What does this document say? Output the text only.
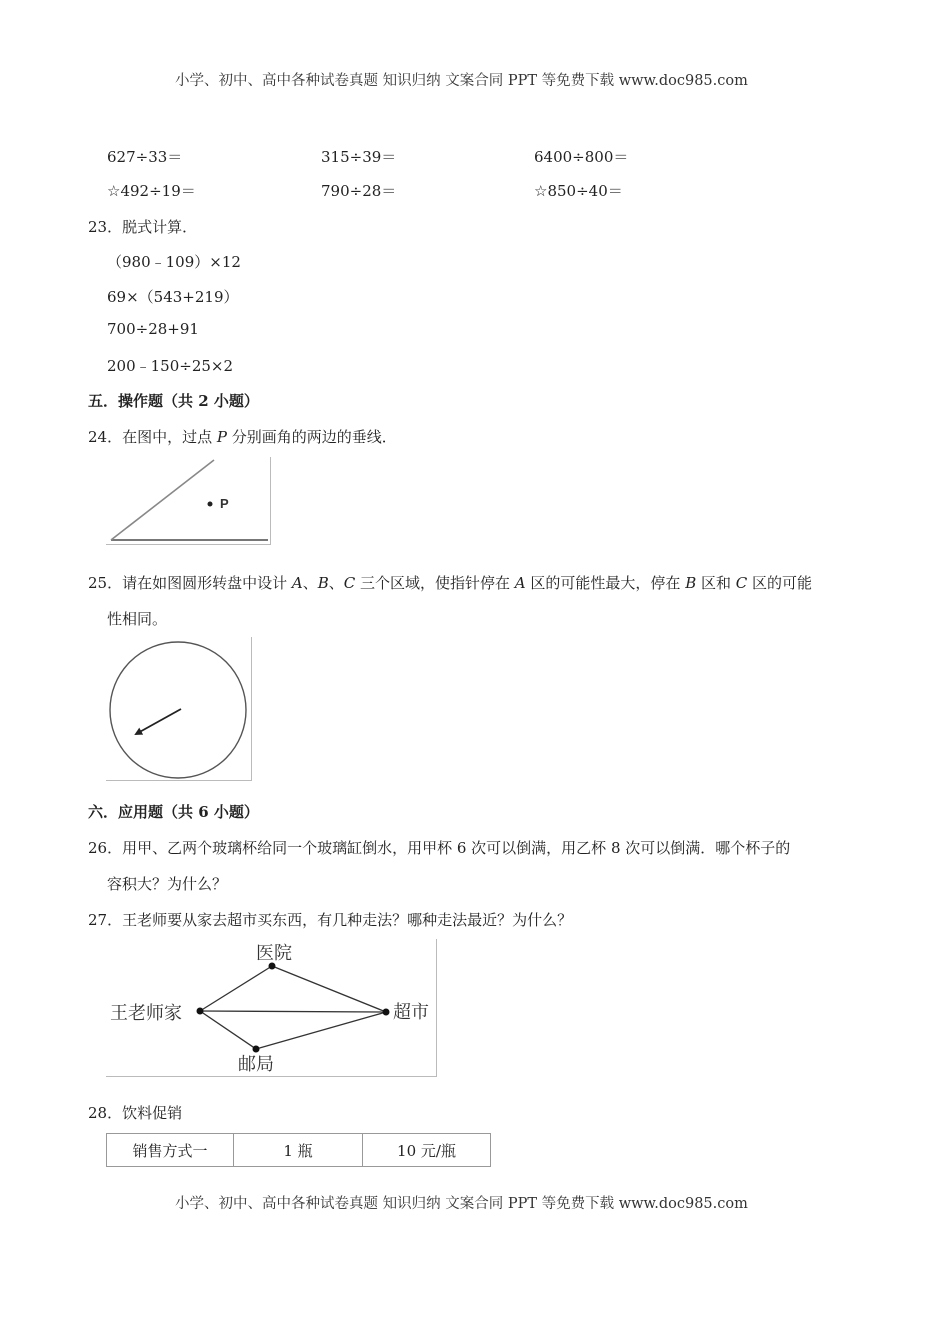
小学、初中、高中各种试卷真题 知识归纳 文案合同 PPT 等免费下载 www.doc985.com
627÷33＝	315÷39＝	6400÷800＝
☆492÷19＝	790÷28＝	☆850÷40＝
23．脱式计算．
（980﹣109）×12
69×（543+219）
700÷28+91
200﹣150÷25×2
五．操作题（共 2 小题）
24．在图中，过点 P 分别画角的两边的垂线．
P
25．请在如图圆形转盘中设计 A、B、C 三个区域，使指针停在 A 区的可能性最大，停在 B 区和 C 区的可能
性相同。
六．应用题（共 6 小题）
26．用甲、乙两个玻璃杯给同一个玻璃缸倒水，用甲杯 6 次可以倒满，用乙杯 8 次可以倒满．哪个杯子的
容积大？为什么？
27．王老师要从家去超市买东西，有几种走法？哪种走法最近？为什么？
王老师家
医院
超市
邮局
28．饮料促销
销售方式一	1 瓶	10 元/瓶
小学、初中、高中各种试卷真题 知识归纳 文案合同 PPT 等免费下载 www.doc985.com
